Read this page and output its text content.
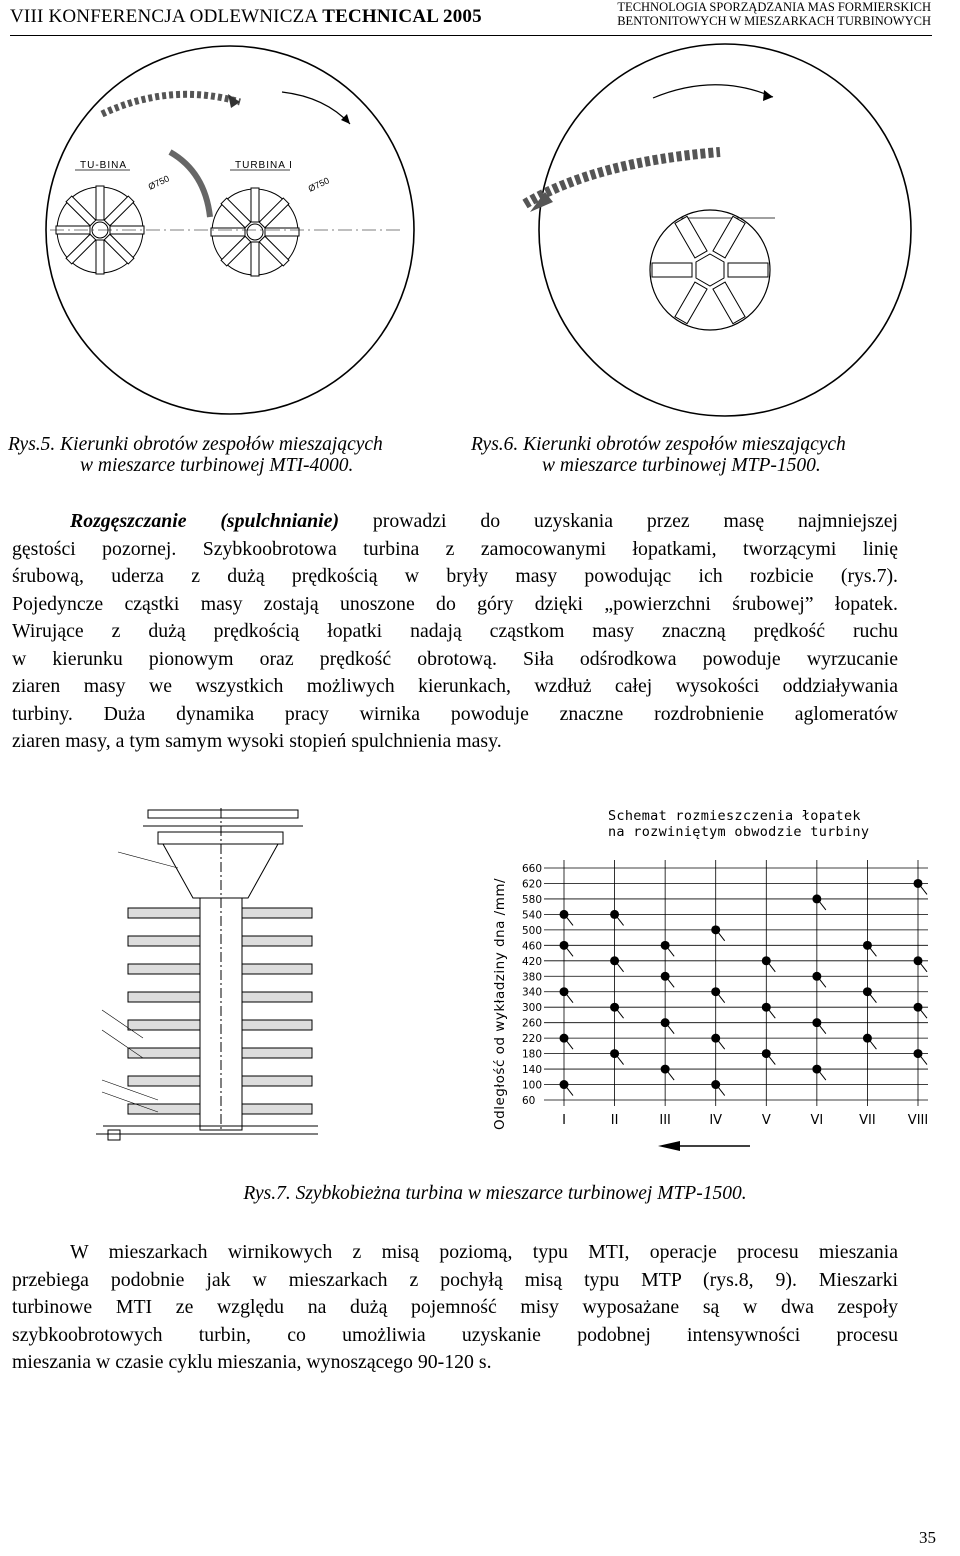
VIII KONFERENCJA ODLEWNICZA TECHNICAL 2005	TECHNOLOGIA SPORZĄDZANIA MAS FORMIERSKICH
BENTONITOWYCH W MIESZARKACH TURBINOWYCH
TU-BINA	TURBINA I
Ø750	Ø750
Rys.5. Kierunki obrotów zespołów mieszających
w mieszarce turbinowej MTI-4000.
Rys.6. Kierunki obrotów zespołów mieszających
w mieszarce turbinowej MTP-1500.
Rozgęszczanie (spulchnianie) prowadzi do uzyskania przez masę najmniejszej
gęstości pozornej. Szybkoobrotowa turbina z zamocowanymi łopatkami, tworzącymi linię
śrubową, uderza z dużą prędkością w bryły masy powodując ich rozbicie (rys.7).
Pojedyncze cząstki masy zostają unoszone do góry dzięki „powierzchni śrubowej” łopatek.
Wirujące z dużą prędkością łopatki nadają cząstkom masy znaczną prędkość ruchu
w kierunku pionowym oraz prędkość obrotową. Siła odśrodkowa powoduje wyrzucanie
ziaren masy we wszystkich możliwych kierunkach, wzdłuż całej wysokości oddziaływania
turbiny. Duża dynamika pracy wirnika powoduje znaczne rozdrobnienie aglomeratów
ziaren masy, a tym samym wysoki stopień spulchnienia masy.
Schemat rozmieszczenia łopatek
na rozwiniętym obwodzie turbiny
Odległość od wykładziny dna /mm/ 60
100
140
180
220
260
300
340
380
420
460
500
540
580
620
660
I	II	III	IV	V	VI	VII VIII
Rys.7. Szybkobieżna turbina w mieszarce turbinowej MTP-1500.
W mieszarkach wirnikowych z misą poziomą, typu MTI, operacje procesu mieszania
przebiega podobnie jak w mieszarkach z pochyłą misą typu MTP (rys.8, 9). Mieszarki
turbinowe MTI ze względu na dużą pojemność misy wyposażane są w dwa zespoły
szybkoobrotowych turbin, co umożliwia uzyskanie podobnej intensywności procesu
mieszania w czasie cyklu mieszania, wynoszącego 90-120 s.
35
